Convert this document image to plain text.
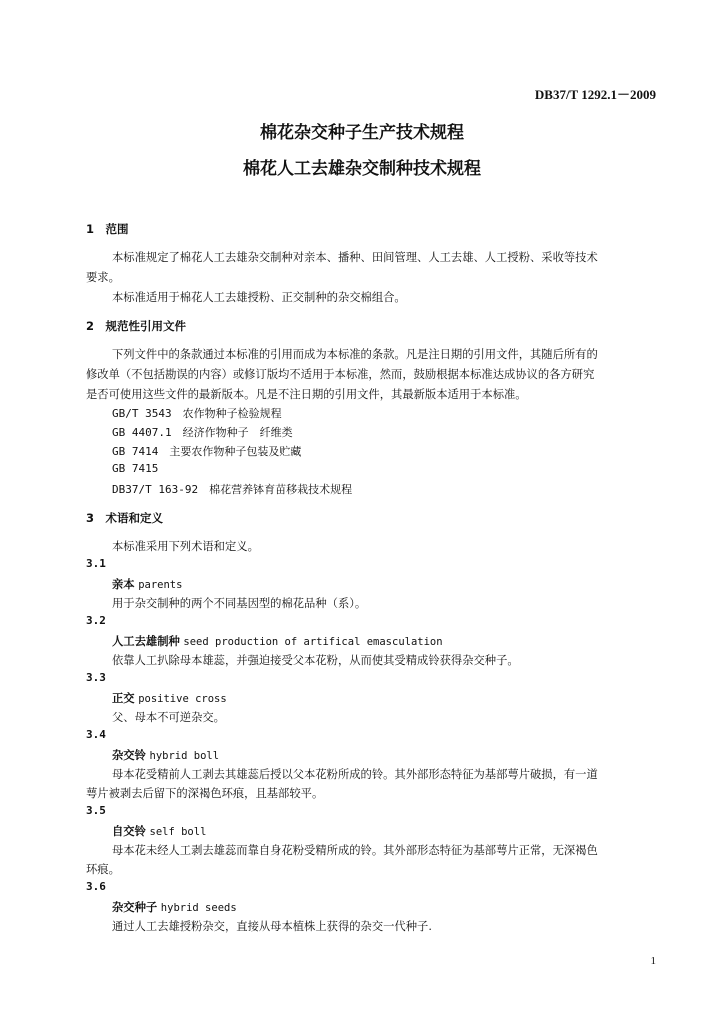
DB37/T 1292.1－2009
棉花杂交种子生产技术规程
棉花人工去雄杂交制种技术规程
1　范围
本标准规定了棉花人工去雄杂交制种对亲本、播种、田间管理、人工去雄、人工授粉、采收等技术
要求。
本标准适用于棉花人工去雄授粉、正交制种的杂交棉组合。
2　规范性引用文件
下列文件中的条款通过本标准的引用而成为本标准的条款。凡是注日期的引用文件，其随后所有的
修改单（不包括勘误的内容）或修订版均不适用于本标准，然而，鼓励根据本标准达成协议的各方研究
是否可使用这些文件的最新版本。凡是不注日期的引用文件，其最新版本适用于本标准。
GB/T 3543　农作物种子检验规程
GB 4407.1　经济作物种子　纤维类
GB 7414　主要农作物种子包装及贮藏
GB 7415
DB37/T 163-92　棉花营养钵育苗移栽技术规程
3　术语和定义
本标准采用下列术语和定义。
3.1
亲本 parents
用于杂交制种的两个不同基因型的棉花品种（系）。
3.2
人工去雄制种 seed production of artifical emasculation
依靠人工扒除母本雄蕊，并强迫接受父本花粉，从而使其受精成铃获得杂交种子。
3.3
正交 positive cross
父、母本不可逆杂交。
3.4
杂交铃 hybrid boll
母本花受精前人工剥去其雄蕊后授以父本花粉所成的铃。其外部形态特征为基部萼片破损，有一道
萼片被剥去后留下的深褐色环痕，且基部较平。
3.5
自交铃 self boll
母本花未经人工剥去雄蕊而靠自身花粉受精所成的铃。其外部形态特征为基部萼片正常，无深褐色
环痕。
3.6
杂交种子 hybrid seeds
通过人工去雄授粉杂交，直接从母本植株上获得的杂交一代种子.
1
